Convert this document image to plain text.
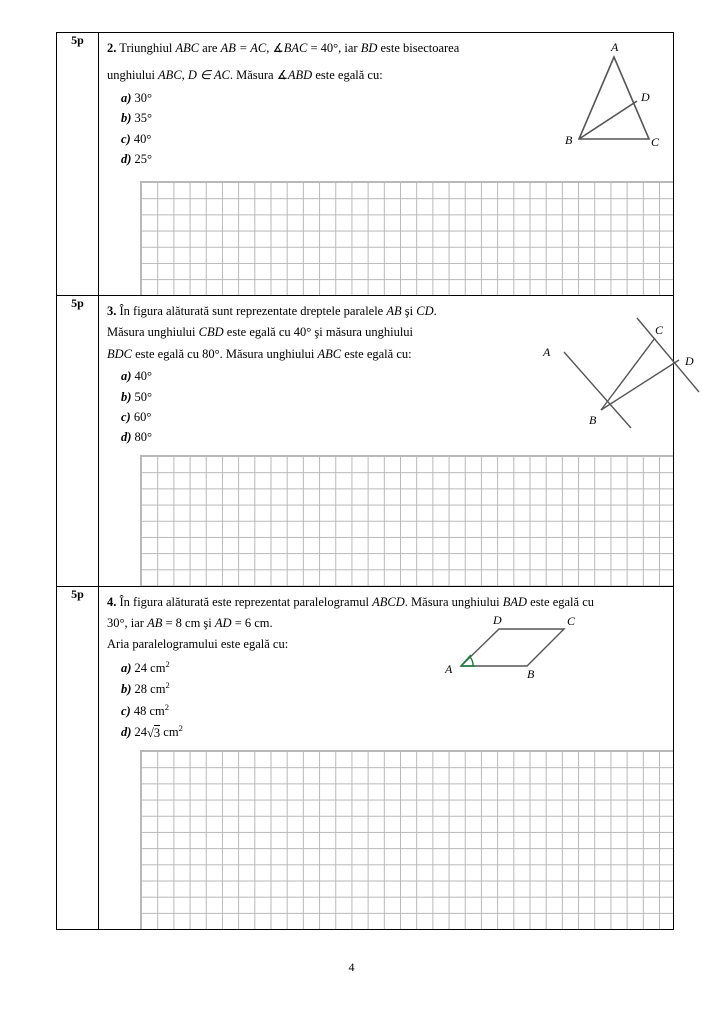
5p	
2. Triunghiul ABC are AB = AC, ∡BAC = 40°, iar BD este bisectoarea
unghiului ABC, D ∈ AC. Măsura ∡ABD este egală cu:
a) 30°
b) 35°
c) 40°
d) 25°
A
B	C
D

5p	
3. În figura alăturată sunt reprezentate dreptele paralele AB şi CD.
Măsura unghiului CBD este egală cu 40° şi măsura unghiului
BDC este egală cu 80°. Măsura unghiului ABC este egală cu:
a) 40°
b) 50°
c) 60°
d) 80°
A
B
C
D

5p	
4. În figura alăturată este reprezentat paralelogramul ABCD. Măsura unghiului BAD este egală cu
30°, iar AB = 8 cm şi AD = 6 cm.
Aria paralelogramului este egală cu:
a) 24 $cm^2$
b) 28 $cm^2$
c) 48 $cm^2$
d) 24√3 $cm^2$
A	B
C
D
4
